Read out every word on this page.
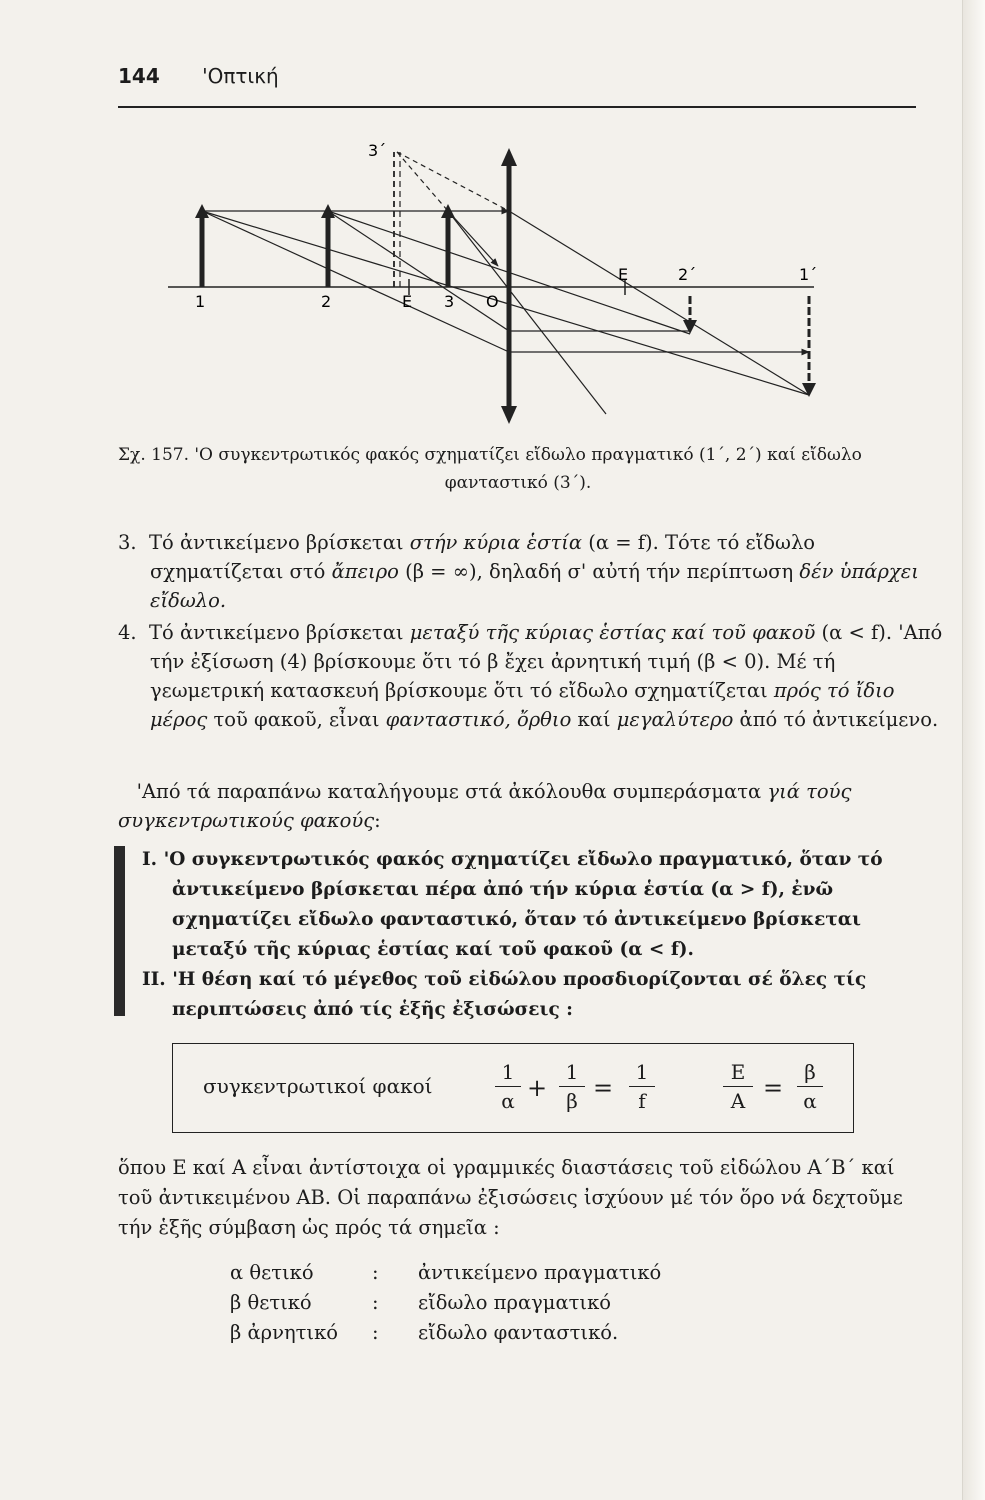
144 'Οπτική
1	2	E 3 O
E	2΄	1΄
3΄
Σχ. 157. 'Ο συγκεντρωτικός φακός σχηματίζει εἴδωλο πραγματικό (1΄, 2΄) καί εἴδωλο
φανταστικό (3΄).
3. Τό ἀντικείμενο βρίσκεται στήν κύρια ἑστία (α = f). Τότε τό εἴδωλο σχηματίζεται στό ἄπειρο (β = ∞), δηλαδή σ' αὐτή τήν περίπτωση δέν ὑπάρχει εἴδωλο.
4. Τό ἀντικείμενο βρίσκεται μεταξύ τῆς κύριας ἑστίας καί τοῦ φακοῦ (α < f). 'Από τήν ἐξίσωση (4) βρίσκουμε ὅτι τό β ἔχει ἀρνητική τιμή (β < 0). Μέ τή γεωμετρική κατασκευή βρίσκουμε ὅτι τό εἴδωλο σχηματίζεται πρός τό ἴδιο μέρος τοῦ φακοῦ, εἶναι φανταστικό, ὄρθιο καί μεγαλύτερο ἀπό τό ἀντικείμενο.
'Από τά παραπάνω καταλήγουμε στά ἀκόλουθα συμπεράσματα γιά τούς συγκεντρωτικούς φακούς:
I. 'Ο συγκεντρωτικός φακός σχηματίζει εἴδωλο πραγματικό, ὅταν τό ἀντικείμενο βρίσκεται πέρα ἀπό τήν κύρια ἑστία (α > f), ἐνῶ σχηματίζει εἴδωλο φανταστικό, ὅταν τό ἀντικείμενο βρίσκεται μεταξύ τῆς κύριας ἑστίας καί τοῦ φακοῦ (α < f).
II. 'Η θέση καί τό μέγεθος τοῦ εἰδώλου προσδιορίζονται σέ ὅλες τίς περιπτώσεις ἀπό τίς ἑξῆς ἐξισώσεις :
συγκεντρωτικοί φακοί	$\frac{1}{\alpha} + \frac{1}{\beta} = \frac{1}{f}$	$\frac{E}{A} = \frac{\beta}{\alpha}$
ὅπου Ε καί Α εἶναι ἀντίστοιχα οἱ γραμμικές διαστάσεις τοῦ εἰδώλου Α΄Β΄ καί τοῦ ἀντικειμένου ΑΒ. Οἱ παραπάνω ἐξισώσεις ἰσχύουν μέ τόν ὅρο νά δεχτοῦμε τήν ἑξῆς σύμβαση ὡς πρός τά σημεῖα :
α θετικό	: ἀντικείμενο πραγματικό
β θετικό	: εἴδωλο πραγματικό
β ἀρνητικό	: εἴδωλο φανταστικό.
